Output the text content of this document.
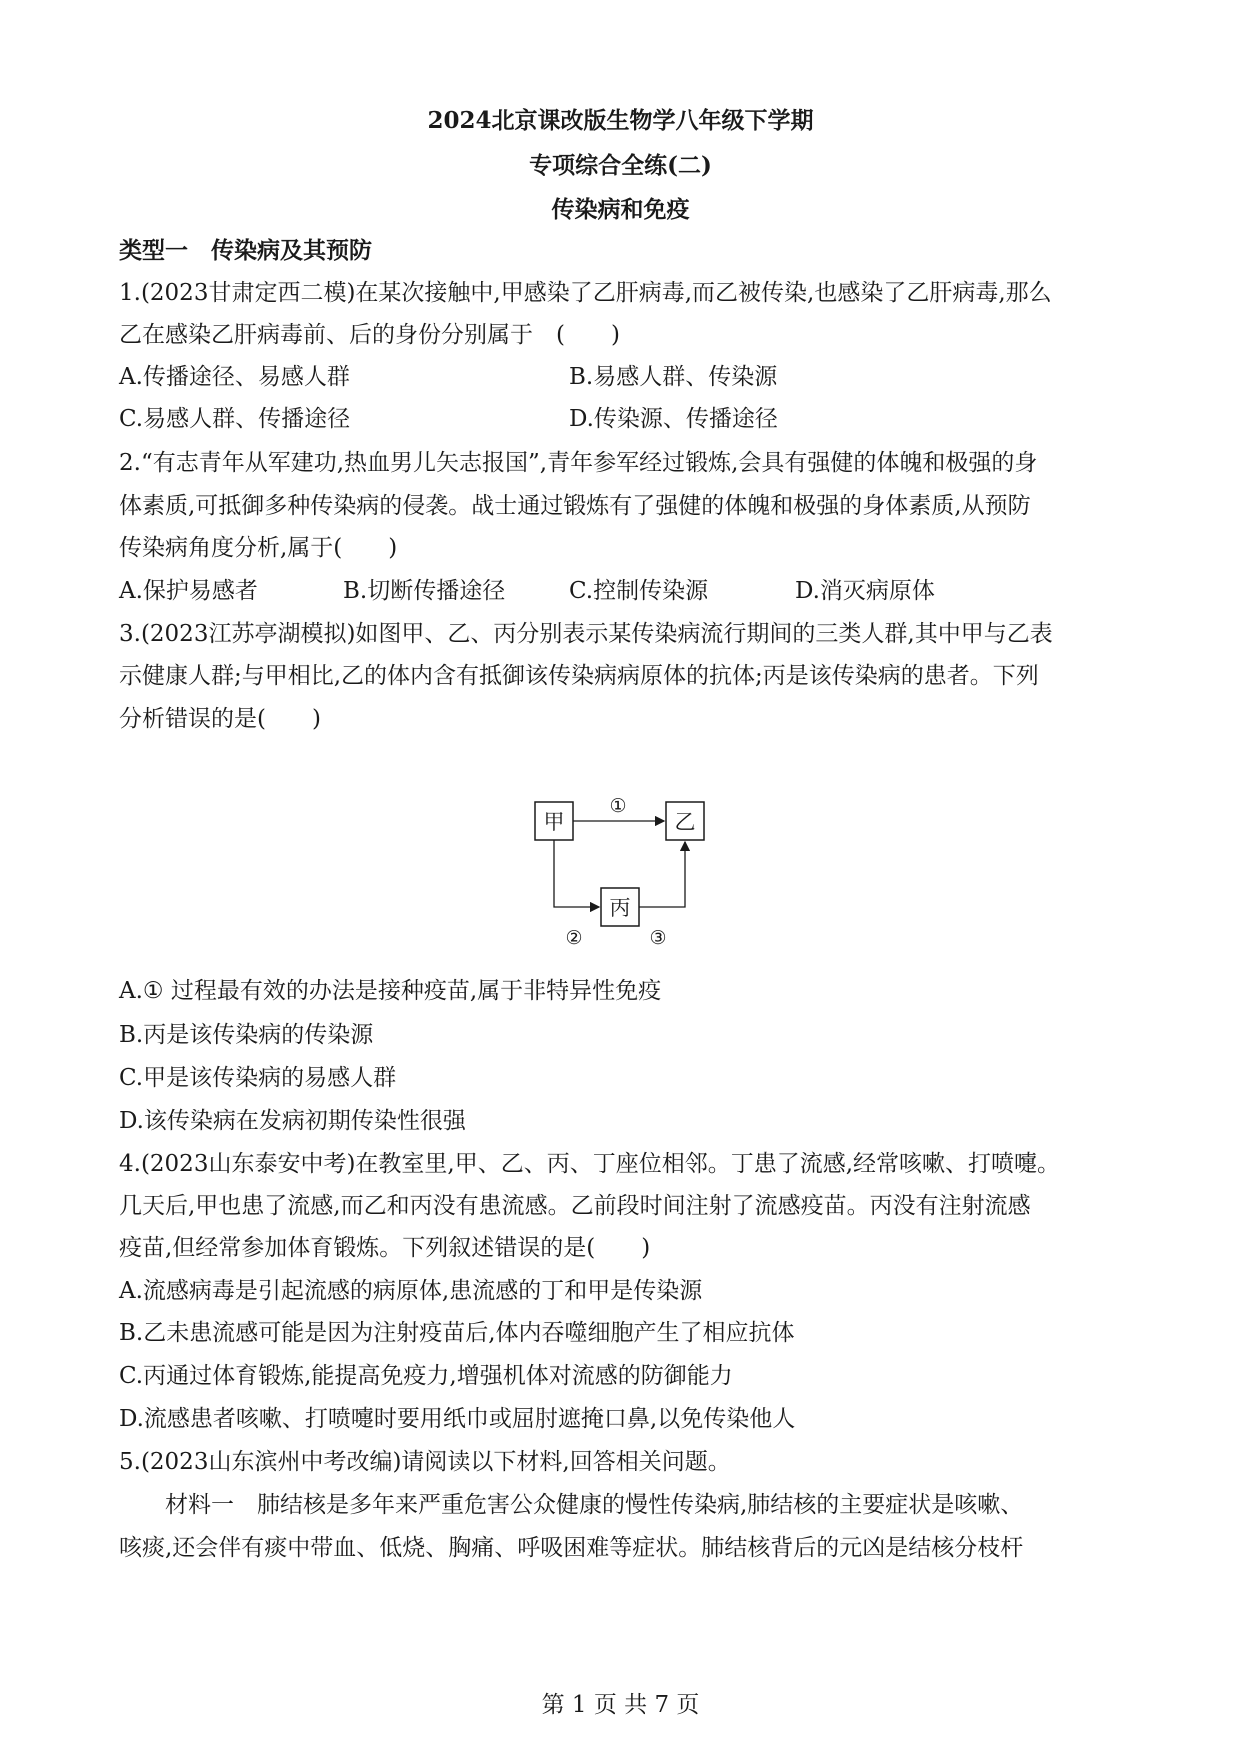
2024北京课改版生物学八年级下学期
专项综合全练(二)
传染病和免疫
类型一　传染病及其预防
1.(2023甘肃定西二模)在某次接触中,甲感染了乙肝病毒,而乙被传染,也感染了乙肝病毒,那么
乙在感染乙肝病毒前、后的身份分别属于　(　　)
A.传播途径、易感人群	B.易感人群、传染源
C.易感人群、传播途径	D.传染源、传播途径
2.“有志青年从军建功,热血男儿矢志报国”,青年参军经过锻炼,会具有强健的体魄和极强的身
体素质,可抵御多种传染病的侵袭。战士通过锻炼有了强健的体魄和极强的身体素质,从预防
传染病角度分析,属于(　　)
A.保护易感者	B.切断传播途径	C.控制传染源	D.消灭病原体
3.(2023江苏亭湖模拟)如图甲、乙、丙分别表示某传染病流行期间的三类人群,其中甲与乙表
示健康人群;与甲相比,乙的体内含有抵御该传染病病原体的抗体;丙是该传染病的患者。下列
分析错误的是(　　)
甲	乙
丙
①
②	③
A.① 过程最有效的办法是接种疫苗,属于非特异性免疫
B.丙是该传染病的传染源
C.甲是该传染病的易感人群
D.该传染病在发病初期传染性很强
4.(2023山东泰安中考)在教室里,甲、乙、丙、丁座位相邻。丁患了流感,经常咳嗽、打喷嚏。
几天后,甲也患了流感,而乙和丙没有患流感。乙前段时间注射了流感疫苗。丙没有注射流感
疫苗,但经常参加体育锻炼。下列叙述错误的是(　　)
A.流感病毒是引起流感的病原体,患流感的丁和甲是传染源
B.乙未患流感可能是因为注射疫苗后,体内吞噬细胞产生了相应抗体
C.丙通过体育锻炼,能提高免疫力,增强机体对流感的防御能力
D.流感患者咳嗽、打喷嚏时要用纸巾或屈肘遮掩口鼻,以免传染他人
5.(2023山东滨州中考改编)请阅读以下材料,回答相关问题。
材料一　肺结核是多年来严重危害公众健康的慢性传染病,肺结核的主要症状是咳嗽、
咳痰,还会伴有痰中带血、低烧、胸痛、呼吸困难等症状。肺结核背后的元凶是结核分枝杆
第 1 页 共 7 页
